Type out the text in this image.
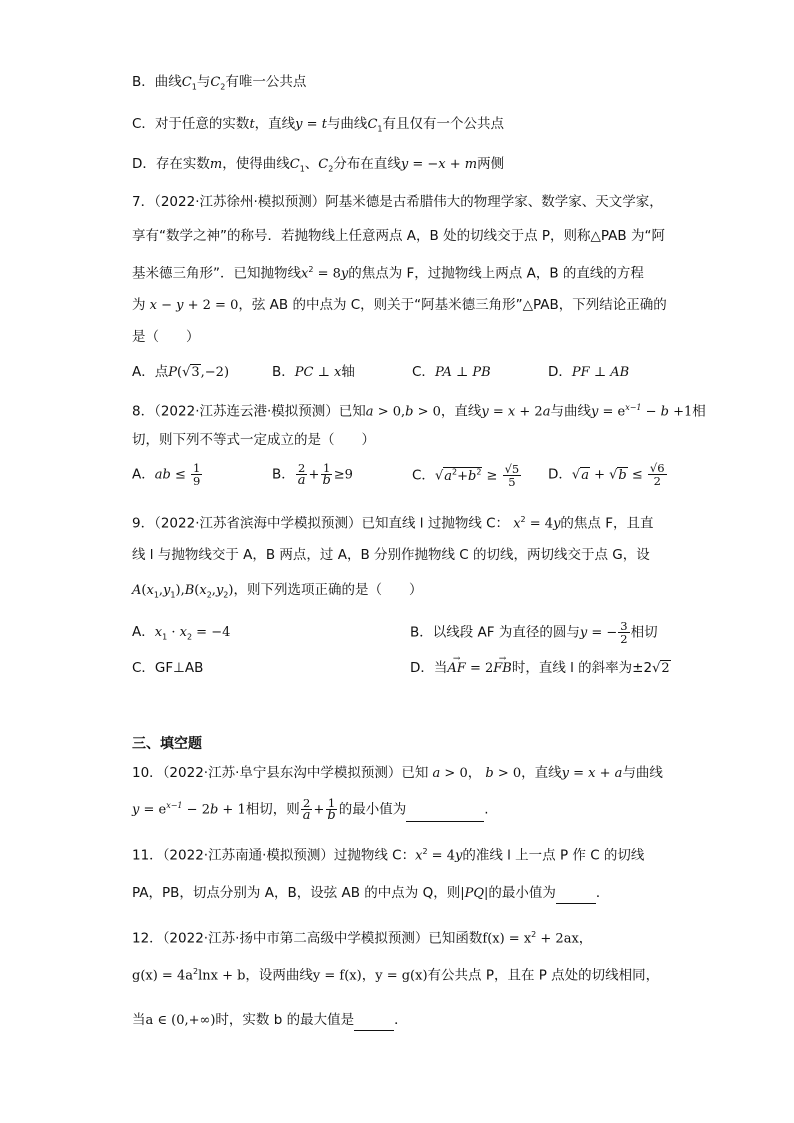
B．曲线$C_1$与$C_2$有唯一公共点
C．对于任意的实数t，直线y = t与曲线$C_1$有且仅有一个公共点
D．存在实数m，使得曲线$C_1$、$C_2$分布在直线y = −x + m两侧
7．（2022·江苏徐州·模拟预测）阿基米德是古希腊伟大的物理学家、数学家、天文学家，
享有“数学之神”的称号．若抛物线上任意两点 A，B 处的切线交于点 P，则称△PAB 为“阿
基米德三角形”．已知抛物线$x^2 = 8y$的焦点为 F，过抛物线上两点 A，B 的直线的方程
为 x − y + 2 = 0，弦 AB 的中点为 C，则关于“阿基米德三角形”△PAB，下列结论正确的
是（　　）
A．点P(√3,−2)	B．PC ⊥ x轴	C．PA ⊥ PB	D．PF ⊥ AB
8．（2022·江苏连云港·模拟预测）已知a > 0,b > 0，直线y = x + 2a与曲线$y = e^{x-1} - b +1$相
切，则下列不等式一定成立的是（　　）
A．ab ≤ $\frac{1}{9}$	B． $\frac{2}{a} + \frac{1}{b} \ge 9$	C．$√a^2+b^2 \ge \frac{√5}{5}$ D．$√a + √b \le \frac{√6}{2}$
9．（2022·江苏省滨海中学模拟预测）已知直线 l 过抛物线 C： $x^2 = 4y$的焦点 F，且直
线 l 与抛物线交于 A，B 两点，过 A，B 分别作抛物线 C 的切线，两切线交于点 G，设
$A(x_1,y_1),B(x_2,y_2)$，则下列选项正确的是（　　）
A．$x_1 \cdot x_2 = -4$	B．以线段 AF 为直径的圆与y = − $\frac{3}{2}$ 相切
C．GF⊥AB	D．当→ AF = 2→ FB时，直线 l 的斜率为±2√2
三、填空题
10．（2022·江苏·阜宁县东沟中学模拟预测）已知 a > 0， b > 0，直线y = x + a与曲线
$y = e^{x-1} - 2b + 1$相切，则 $\frac{2}{a} + \frac{1}{b}$ 的最小值为	.
11．（2022·江苏南通·模拟预测）过抛物线 C：$x^2 = 4y$的准线 l 上一点 P 作 C 的切线
PA，PB，切点分别为 A，B，设弦 AB 的中点为 Q，则|PQ|的最小值为	．
12．（2022·江苏·扬中市第二高级中学模拟预测）已知函数$f(x) = x^2 + 2ax$，
$g(x) = 4a^2\ln x + b$，设两曲线y = f(x)，y = g(x)有公共点 P，且在 P 点处的切线相同，
当a ∈ (0,+∞)时，实数 b 的最大值是	．
